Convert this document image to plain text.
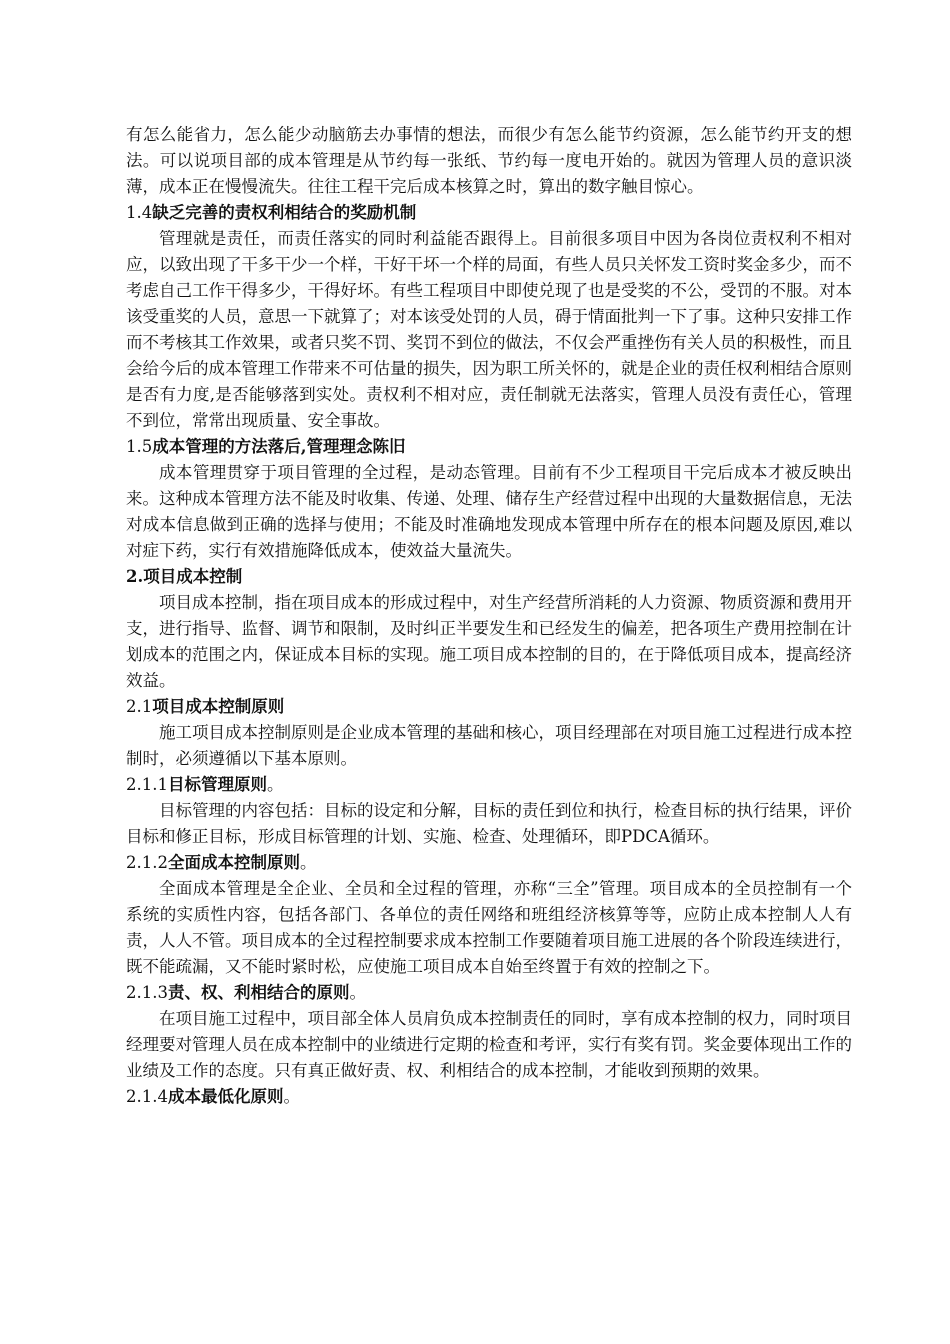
有怎么能省力，怎么能少动脑筋去办事情的想法，而很少有怎么能节约资源，怎么能节约开支的想法。可以说项目部的成本管理是从节约每一张纸、节约每一度电开始的。就因为管理人员的意识淡薄，成本正在慢慢流失。往往工程干完后成本核算之时，算出的数字触目惊心。

1.4缺乏完善的责权利相结合的奖励机制

管理就是责任，而责任落实的同时利益能否跟得上。目前很多项目中因为各岗位责权利不相对应，以致出现了干多干少一个样，干好干坏一个样的局面，有些人员只关怀发工资时奖金多少，而不考虑自己工作干得多少，干得好坏。有些工程项目中即使兑现了也是受奖的不公，受罚的不服。对本该受重奖的人员，意思一下就算了；对本该受处罚的人员，碍于情面批判一下了事。这种只安排工作而不考核其工作效果，或者只奖不罚、奖罚不到位的做法，不仅会严重挫伤有关人员的积极性，而且会给今后的成本管理工作带来不可估量的损失，因为职工所关怀的，就是企业的责任权利相结合原则是否有力度,是否能够落到实处。责权利不相对应，责任制就无法落实，管理人员没有责任心，管理不到位，常常出现质量、安全事故。

1.5成本管理的方法落后,管理理念陈旧

成本管理贯穿于项目管理的全过程，是动态管理。目前有不少工程项目干完后成本才被反映出来。这种成本管理方法不能及时收集、传递、处理、储存生产经营过程中出现的大量数据信息，无法对成本信息做到正确的选择与使用；不能及时准确地发现成本管理中所存在的根本问题及原因,难以对症下药，实行有效措施降低成本，使效益大量流失。

2.项目成本控制

项目成本控制，指在项目成本的形成过程中，对生产经营所消耗的人力资源、物质资源和费用开支，进行指导、监督、调节和限制，及时纠正半要发生和已经发生的偏差，把各项生产费用控制在计划成本的范围之内，保证成本目标的实现。施工项目成本控制的目的，在于降低项目成本，提高经济效益。

2.1项目成本控制原则

施工项目成本控制原则是企业成本管理的基础和核心，项目经理部在对项目施工过程进行成本控制时，必须遵循以下基本原则。

2.1.1目标管理原则。

目标管理的内容包括：目标的设定和分解，目标的责任到位和执行，检查目标的执行结果，评价目标和修正目标，形成目标管理的计划、实施、检查、处理循环，即PDCA循环。

2.1.2全面成本控制原则。

全面成本管理是全企业、全员和全过程的管理，亦称“三全”管理。项目成本的全员控制有一个系统的实质性内容，包括各部门、各单位的责任网络和班组经济核算等等，应防止成本控制人人有责，人人不管。项目成本的全过程控制要求成本控制工作要随着项目施工进展的各个阶段连续进行，既不能疏漏，又不能时紧时松，应使施工项目成本自始至终置于有效的控制之下。

2.1.3责、权、利相结合的原则。

在项目施工过程中，项目部全体人员肩负成本控制责任的同时，享有成本控制的权力，同时项目经理要对管理人员在成本控制中的业绩进行定期的检查和考评，实行有奖有罚。奖金要体现出工作的业绩及工作的态度。只有真正做好责、权、利相结合的成本控制，才能收到预期的效果。

2.1.4成本最低化原则。
